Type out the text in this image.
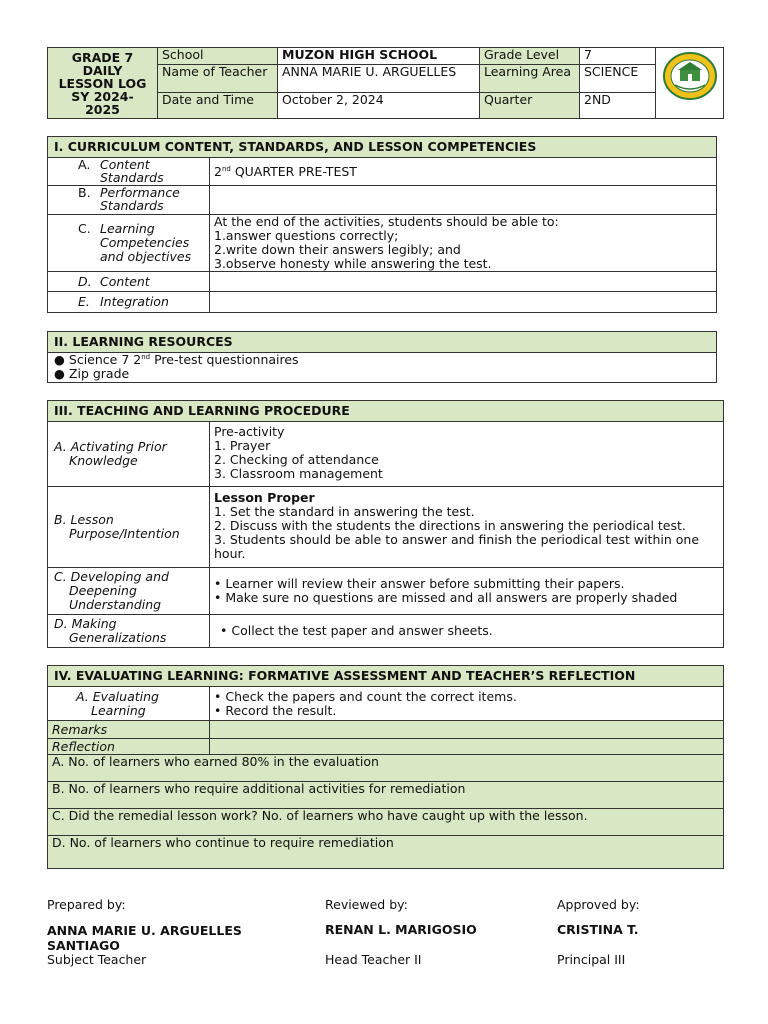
GRADE 7
DAILY
LESSON LOG
SY 2024-
2025	School	MUZON HIGH SCHOOL	Grade Level	7	
	Name of Teacher	ANNA MARIE U. ARGUELLES	Learning Area	SCIENCE	
	Date and Time	October 2, 2024	Quarter	2ND	
I. CURRICULUM CONTENT, STANDARDS, AND LESSON COMPETENCIES	

A. Content Standards	2nd QUARTER PRE-TEST

B. Performance Standards	

C. Learning Competencies and objectives	At the end of the activities, students should be able to:
1.answer questions correctly;
2.write down their answers legibly; and
3.observe honesty while answering the test.

D. Content	

E. Integration	

II. LEARNING RESOURCES

● Science 7 2nd Pre-test questionnaires
● Zip grade
III. TEACHING AND LEARNING PROCEDURE	

A. Activating Prior Knowledge	Pre-activity
1. Prayer
2. Checking of attendance
3. Classroom management

B. Lesson Purpose/Intention	Lesson Proper
1. Set the standard in answering the test.
2. Discuss with the students the directions in answering the periodical test.
3. Students should be able to answer and finish the periodical test within one hour.

C. Developing and Deepening Understanding	• Learner will review their answer before submitting their papers.
• Make sure no questions are missed and all answers are properly shaded

D. Making Generalizations	• Collect the test paper and answer sheets.
IV. EVALUATING LEARNING: FORMATIVE ASSESSMENT AND TEACHER’S REFLECTION	

A. Evaluating Learning	• Check the papers and count the correct items.
• Record the result.

Remarks	
Reflection	
A. No. of learners who earned 80% in the evaluation	
B. No. of learners who require additional activities for remediation	
C. Did the remedial lesson work? No. of learners who have caught up with the lesson.	
D. No. of learners who continue to require remediation	
Prepared by:
ANNA MARIE U. ARGUELLES SANTIAGO
Subject Teacher
Reviewed by:
RENAN L. MARIGOSIO
Head Teacher II
Approved by:
CRISTINA T.
Principal III
